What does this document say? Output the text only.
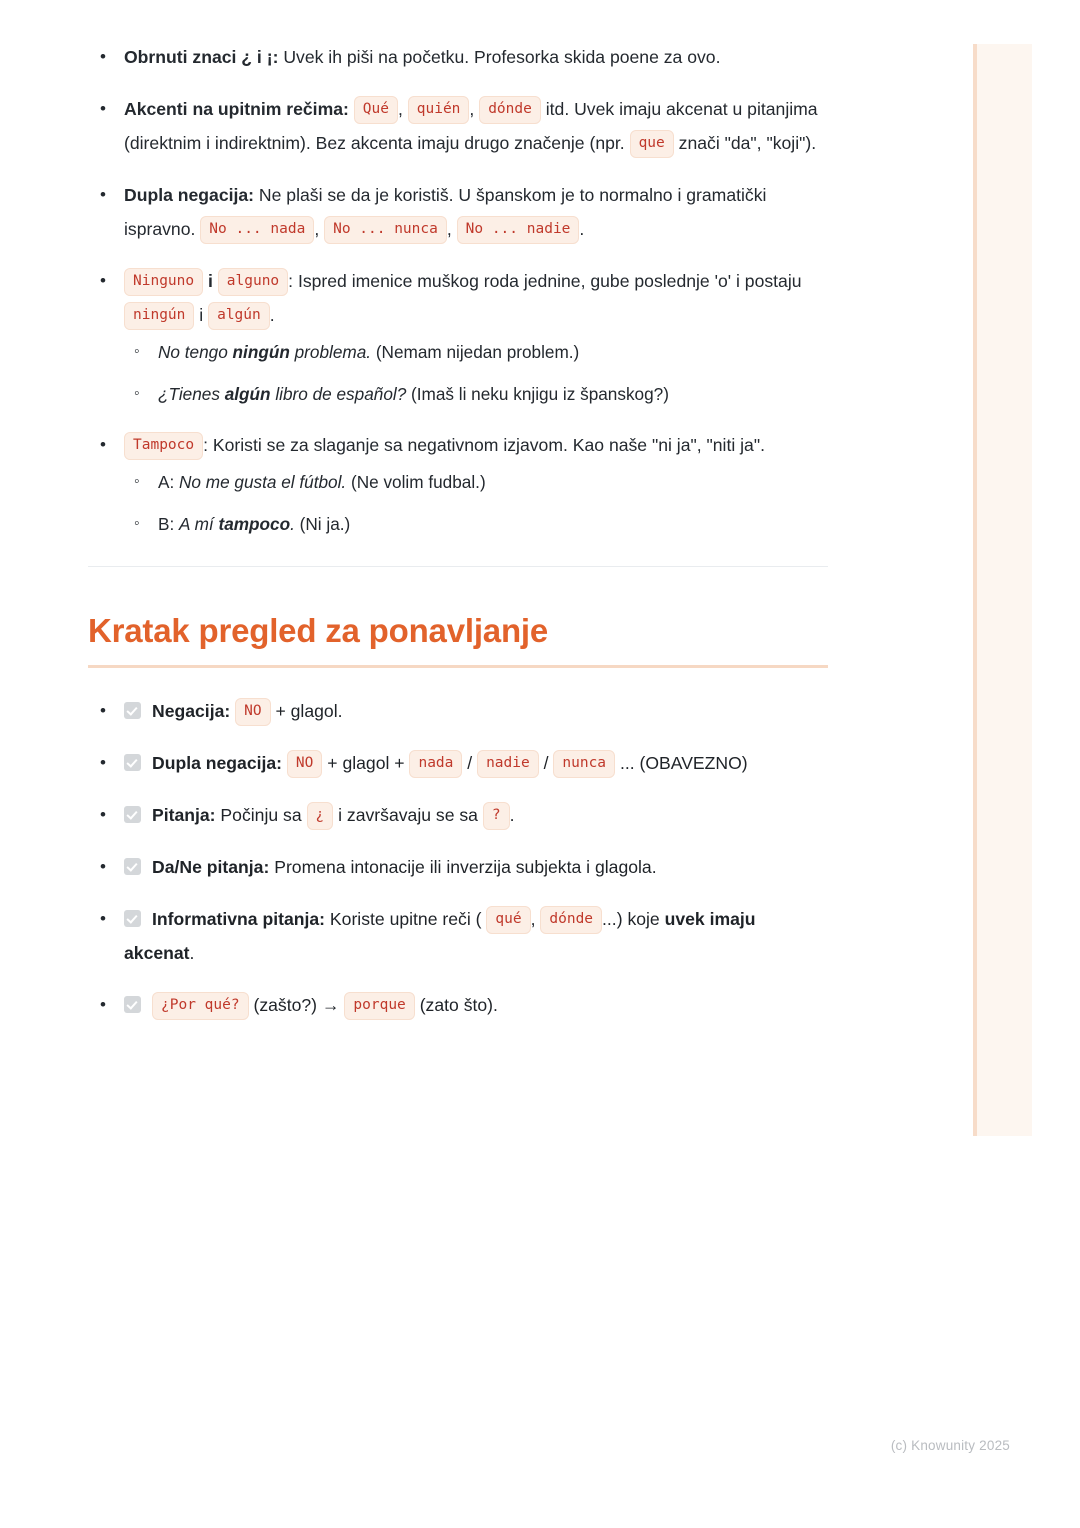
• Obrnuti znaci ¿ i ¡: Uvek ih piši na početku. Profesorka skida poene za ovo.
• Akcenti na upitnim rečima: Qué , quién , dónde itd. Uvek imaju akcenat u pitanjima (direktnim i indirektnim). Bez akcenta imaju drugo značenje (npr. que znači "da", "koji").
• Dupla negacija: Ne plaši se da je koristiš. U španskom je to normalno i gramatički ispravno. No ... nada , No ... nunca , No ... nadie .
• Ninguno i alguno : Ispred imenice muškog roda jednine, gube poslednje 'o' i postaju ningún i algún .
◦ No tengo ningún problema. (Nemam nijedan problem.)
◦ ¿Tienes algún libro de español? (Imaš li neku knjigu iz španskog?)
• Tampoco : Koristi se za slaganje sa negativnom izjavom. Kao naše "ni ja", "niti ja".
◦ A: No me gusta el fútbol. (Ne volim fudbal.)
◦ B: A mí tampoco. (Ni ja.)
Kratak pregled za ponavljanje
• Negacija: NO + glagol.
• Dupla negacija: NO + glagol + nada / nadie / nunca ... (OBAVEZNO)
• Pitanja: Počinju sa ¿ i završavaju se sa ? .
• Da/Ne pitanja: Promena intonacije ili inverzija subjekta i glagola.
• Informativna pitanja: Koriste upitne reči ( qué , dónde ...) koje uvek imaju akcenat.
• ¿Por qué? (zašto?) → porque (zato što).
(c) Knowunity 2025
